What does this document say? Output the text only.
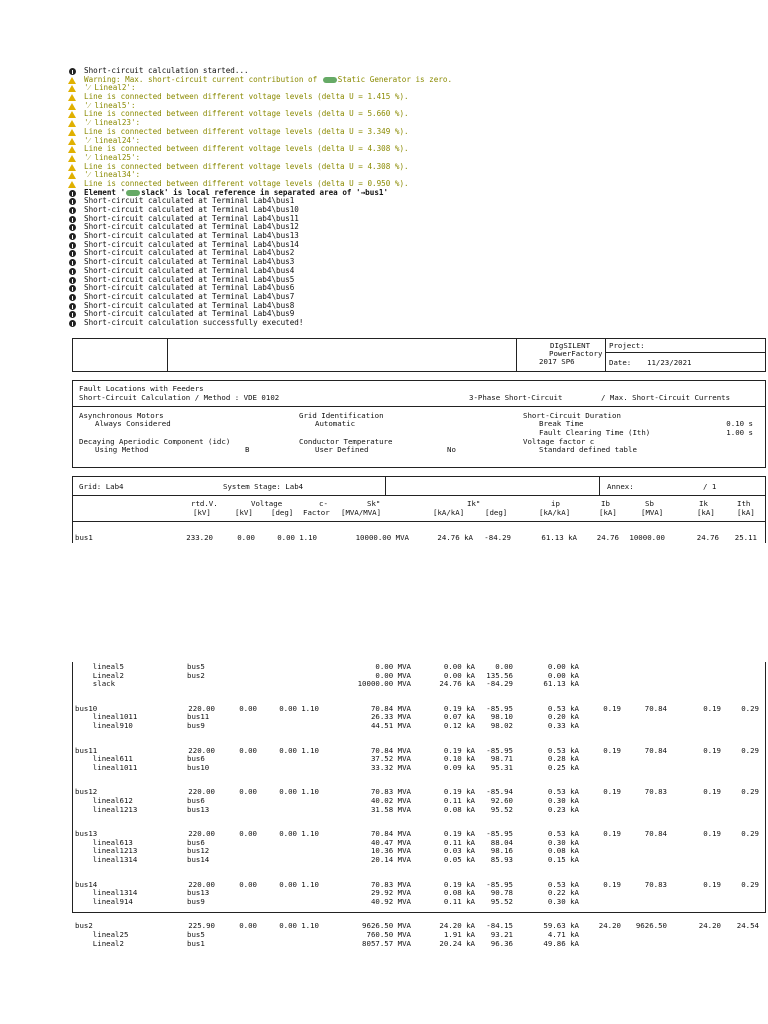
Short-circuit calculation started...
Warning: Max. short-circuit current contribution of Static Generator is zero.
'⁄ Lineal2':
Line is connected between different voltage levels (delta U = 1.415 %).
'⁄ lineal5':
Line is connected between different voltage levels (delta U = 5.660 %).
'⁄ lineal23':
Line is connected between different voltage levels (delta U = 3.349 %).
'⁄ lineal24':
Line is connected between different voltage levels (delta U = 4.308 %).
'⁄ lineal25':
Line is connected between different voltage levels (delta U = 4.308 %).
'⁄ lineal34':
Line is connected between different voltage levels (delta U = 0.950 %).
Element ' slack' is local reference in separated area of '→bus1'
Short-circuit calculated at Terminal Lab4\bus1
Short-circuit calculated at Terminal Lab4\bus10
Short-circuit calculated at Terminal Lab4\bus11
Short-circuit calculated at Terminal Lab4\bus12
Short-circuit calculated at Terminal Lab4\bus13
Short-circuit calculated at Terminal Lab4\bus14
Short-circuit calculated at Terminal Lab4\bus2
Short-circuit calculated at Terminal Lab4\bus3
Short-circuit calculated at Terminal Lab4\bus4
Short-circuit calculated at Terminal Lab4\bus5
Short-circuit calculated at Terminal Lab4\bus6
Short-circuit calculated at Terminal Lab4\bus7
Short-circuit calculated at Terminal Lab4\bus8
Short-circuit calculated at Terminal Lab4\bus9
Short-circuit calculation successfully executed!
DIgSILENT
PowerFactory
2017 SP6
Project:
Date: 11/23/2021
Fault Locations with Feeders
Short-Circuit Calculation / Method : VDE 0102	3-Phase Short-Circuit	/ Max. Short-Circuit Currents
Asynchronous Motors
Always Considered
Decaying Aperiodic Component (idc)
Using Method	B
Grid Identification
Automatic
Conductor Temperature
User Defined	No
Short-Circuit Duration
Break Time	0.10 s
Fault Clearing Time (Ith)	1.00 s
Voltage factor c
Standard defined table
Grid: Lab4	System Stage: Lab4	Annex:	/ 1
rtd.V.	Voltage	c-	Sk"	Ik"	ip	Ib	Sb	Ik	Ith
[kV]	[kV] [deg] Factor [MVA/MVA]	[kA/kA]	[deg]	[kA/kA]	[kA]	[MVA]	[kA]	[kA]
bus1	233.20	0.00	0.00 1.10	10000.00 MVA	24.76 kA -84.29	61.13 kA	24.76 10000.00	24.76 25.11
lineal5	bus5	0.00 MVA	0.00 kA	0.00	0.00 kA
Lineal2	bus2	0.00 MVA	0.00 kA 135.56	0.00 kA
slack	10000.00 MVA	24.76 kA -84.29	61.13 kA
bus10	220.00	0.00	0.00 1.10	70.84 MVA	0.19 kA -85.95	0.53 kA	0.19	70.84	0.19	0.29
lineal1011	bus11	26.33 MVA	0.07 kA 98.10	0.20 kA
lineal910	bus9	44.51 MVA	0.12 kA 98.02	0.33 kA
bus11	220.00	0.00	0.00 1.10	70.84 MVA	0.19 kA -85.95	0.53 kA	0.19	70.84	0.19	0.29
lineal611	bus6	37.52 MVA	0.10 kA 98.71	0.28 kA
lineal1011	bus10	33.32 MVA	0.09 kA 95.31	0.25 kA
bus12	220.00	0.00	0.00 1.10	70.83 MVA	0.19 kA -85.94	0.53 kA	0.19	70.83	0.19	0.29
lineal612	bus6	40.02 MVA	0.11 kA 92.60	0.30 kA
lineal1213	bus13	31.58 MVA	0.08 kA 95.52	0.23 kA
bus13	220.00	0.00	0.00 1.10	70.84 MVA	0.19 kA -85.95	0.53 kA	0.19	70.84	0.19	0.29
lineal613	bus6	40.47 MVA	0.11 kA 88.04	0.30 kA
lineal1213	bus12	10.36 MVA	0.03 kA 98.16	0.08 kA
lineal1314	bus14	20.14 MVA	0.05 kA 85.93	0.15 kA
bus14	220.00	0.00	0.00 1.10	70.83 MVA	0.19 kA -85.95	0.53 kA	0.19	70.83	0.19	0.29
lineal1314	bus13	29.92 MVA	0.08 kA 90.78	0.22 kA
lineal914	bus9	40.92 MVA	0.11 kA 95.52	0.30 kA
bus2	225.90	0.00	0.00 1.10	9626.50 MVA	24.20 kA -84.15	59.63 kA	24.20 9626.50	24.20 24.54
lineal25	bus5	760.50 MVA	1.91 kA 93.21	4.71 kA
Lineal2	bus1	8057.57 MVA	20.24 kA 96.36	49.86 kA
